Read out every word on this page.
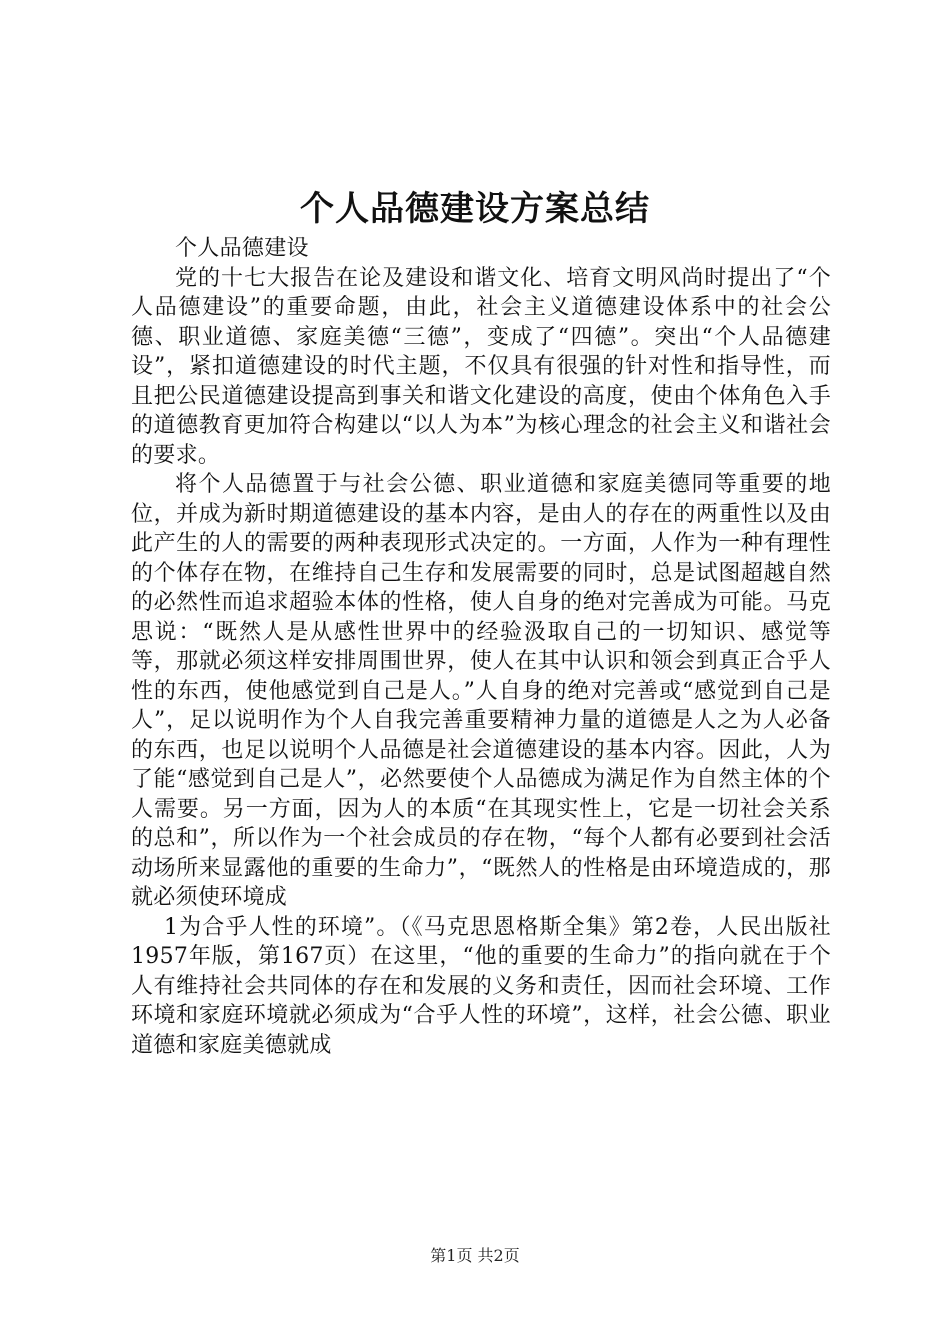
个人品德建设方案总结

个人品德建设

党的十七大报告在论及建设和谐文化、培育文明风尚时提出了“个人品德建设”的重要命题，由此，社会主义道德建设体系中的社会公德、职业道德、家庭美德“三德”，变成了“四德”。突出“个人品德建设”，紧扣道德建设的时代主题，不仅具有很强的针对性和指导性，而且把公民道德建设提高到事关和谐文化建设的高度，使由个体角色入手的道德教育更加符合构建以“以人为本”为核心理念的社会主义和谐社会的要求。

将个人品德置于与社会公德、职业道德和家庭美德同等重要的地位，并成为新时期道德建设的基本内容，是由人的存在的两重性以及由此产生的人的需要的两种表现形式决定的。一方面，人作为一种有理性的个体存在物，在维持自己生存和发展需要的同时，总是试图超越自然的必然性而追求超验本体的性格，使人自身的绝对完善成为可能。马克思说：“既然人是从感性世界中的经验汲取自己的一切知识、感觉等等，那就必须这样安排周围世界，使人在其中认识和领会到真正合乎人性的东西，使他感觉到自己是人。”人自身的绝对完善或“感觉到自己是人”，足以说明作为个人自我完善重要精神力量的道德是人之为人必备的东西，也足以说明个人品德是社会道德建设的基本内容。因此，人为了能“感觉到自己是人”，必然要使个人品德成为满足作为自然主体的个人需要。另一方面，因为人的本质“在其现实性上，它是一切社会关系的总和”，所以作为一个社会成员的存在物，“每个人都有必要到社会活动场所来显露他的重要的生命力”，“既然人的性格是由环境造成的，那就必须使环境成

1为合乎人性的环境”。（《马克思恩格斯全集》第2卷，人民出版社1957年版，第167页）在这里，“他的重要的生命力”的指向就在于个人有维持社会共同体的存在和发展的义务和责任，因而社会环境、工作环境和家庭环境就必须成为“合乎人性的环境”，这样，社会公德、职业道德和家庭美德就成

第1页 共2页
